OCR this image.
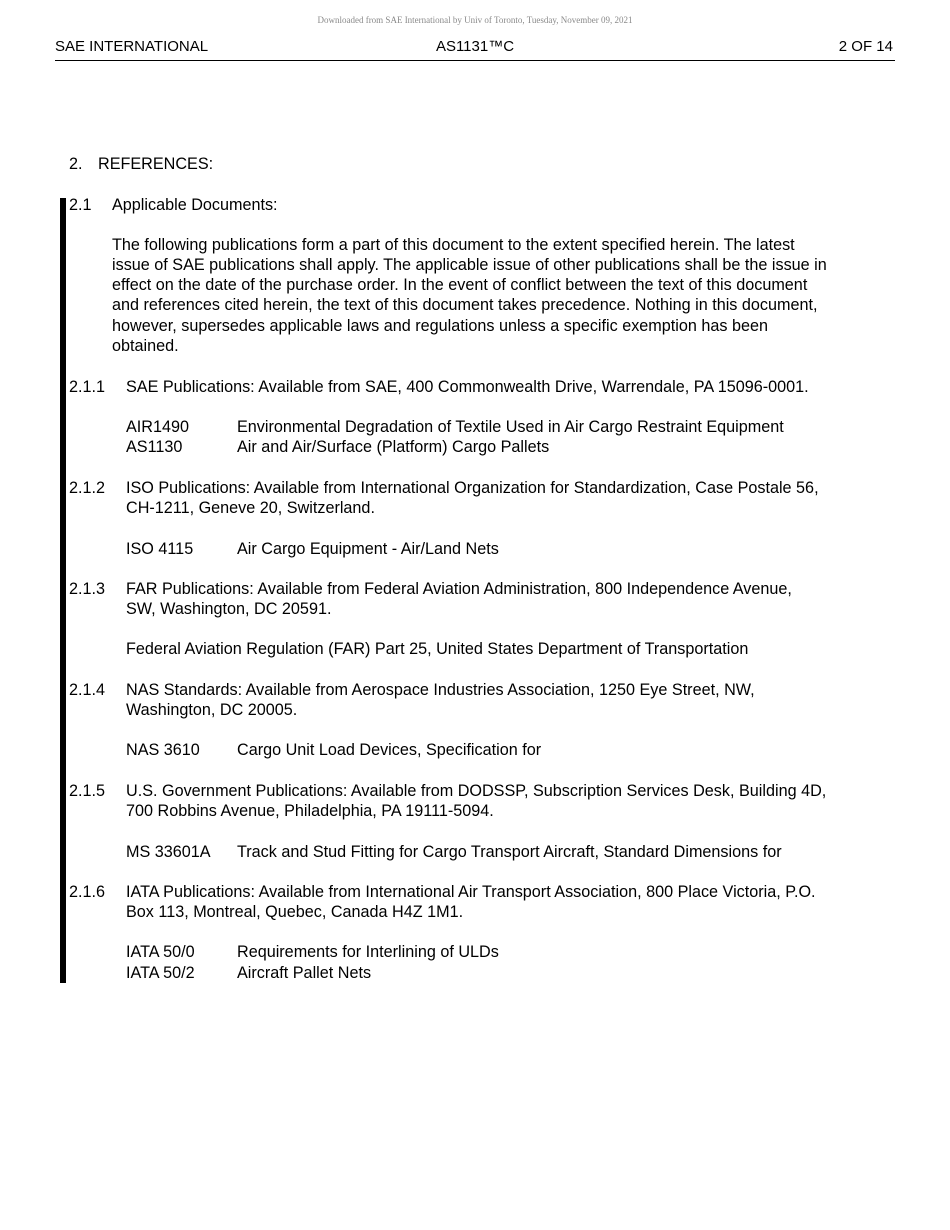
Downloaded from SAE International by Univ of Toronto, Tuesday, November 09, 2021
SAE INTERNATIONAL	AS1131™C	2 OF 14
2. REFERENCES:
2.1 Applicable Documents:
The following publications form a part of this document to the extent specified herein. The latest
issue of SAE publications shall apply. The applicable issue of other publications shall be the issue in
effect on the date of the purchase order. In the event of conflict between the text of this document
and references cited herein, the text of this document takes precedence. Nothing in this document,
however, supersedes applicable laws and regulations unless a specific exemption has been
obtained.
2.1.1 SAE Publications: Available from SAE, 400 Commonwealth Drive, Warrendale, PA 15096-0001.
AIR1490	Environmental Degradation of Textile Used in Air Cargo Restraint Equipment
AS1130	Air and Air/Surface (Platform) Cargo Pallets
2.1.2 ISO Publications: Available from International Organization for Standardization, Case Postale 56,
CH-1211, Geneve 20, Switzerland.
ISO 4115	Air Cargo Equipment - Air/Land Nets
2.1.3 FAR Publications: Available from Federal Aviation Administration, 800 Independence Avenue,
SW, Washington, DC 20591.
Federal Aviation Regulation (FAR) Part 25, United States Department of Transportation
2.1.4 NAS Standards: Available from Aerospace Industries Association, 1250 Eye Street, NW,
Washington, DC 20005.
NAS 3610 Cargo Unit Load Devices, Specification for
2.1.5 U.S. Government Publications: Available from DODSSP, Subscription Services Desk, Building 4D,
700 Robbins Avenue, Philadelphia, PA 19111-5094.
MS 33601A Track and Stud Fitting for Cargo Transport Aircraft, Standard Dimensions for
2.1.6 IATA Publications: Available from International Air Transport Association, 800 Place Victoria, P.O.
Box 113, Montreal, Quebec, Canada H4Z 1M1.
IATA 50/0	Requirements for Interlining of ULDs
IATA 50/2	Aircraft Pallet Nets
